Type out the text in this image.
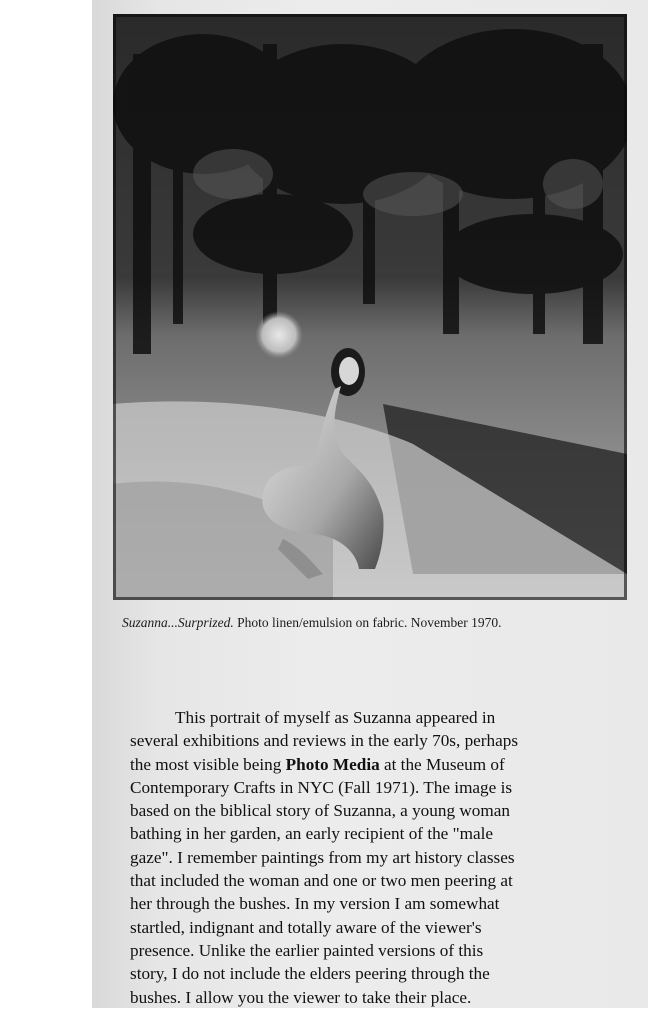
Suzanna...Surprized. Photo linen/emulsion on fabric. November 1970.
This portrait of myself as Suzanna appeared in
several exhibitions and reviews in the early 70s, perhaps
the most visible being Photo Media at the Museum of
Contemporary Crafts in NYC (Fall 1971). The image is
based on the biblical story of Suzanna, a young woman
bathing in her garden, an early recipient of the "male
gaze". I remember paintings from my art history classes
that included the woman and one or two men peering at
her through the bushes. In my version I am somewhat
startled, indignant and totally aware of the viewer's
presence. Unlike the earlier painted versions of this
story, I do not include the elders peering through the
bushes. I allow you the viewer to take their place.
